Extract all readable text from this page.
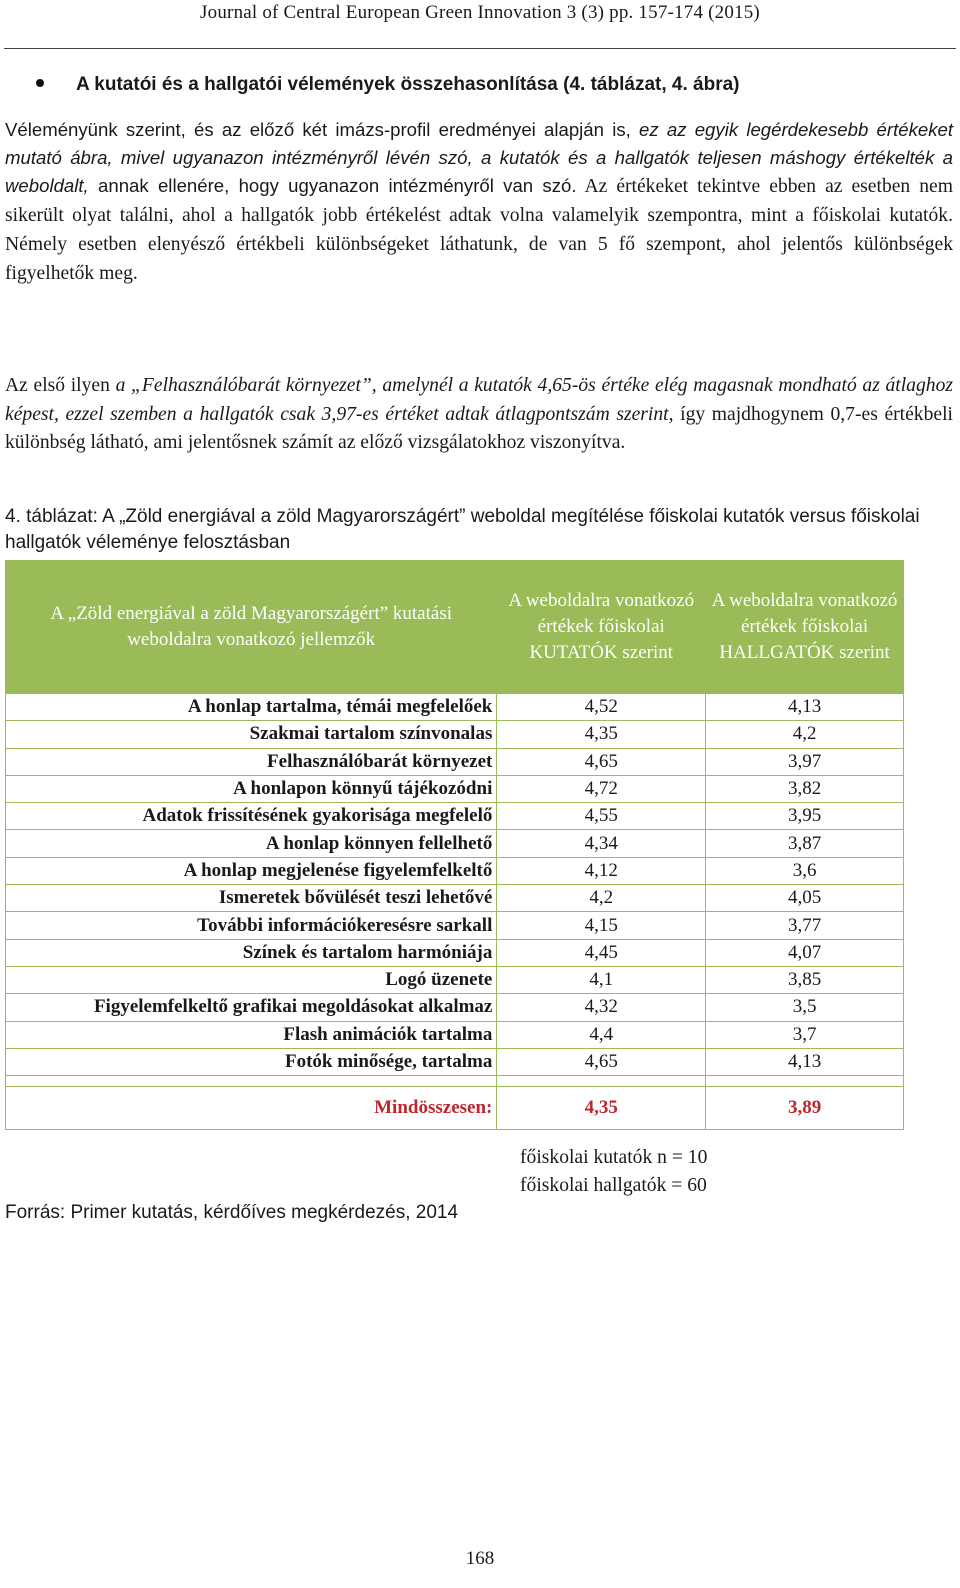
Journal of Central European Green Innovation 3 (3) pp. 157-174 (2015)
A kutatói és a hallgatói vélemények összehasonlítása (4. táblázat, 4. ábra)
Véleményünk szerint, és az előző két imázs-profil eredményei alapján is, ez az egyik legérdekesebb értékeket mutató ábra, mivel ugyanazon intézményről lévén szó, a kutatók és a hallgatók teljesen máshogy értékelték a weboldalt, annak ellenére, hogy ugyanazon intézményről van szó. Az értékeket tekintve ebben az esetben nem sikerült olyat találni, ahol a hallgatók jobb értékelést adtak volna valamelyik szempontra, mint a főiskolai kutatók. Némely esetben elenyésző értékbeli különbségeket láthatunk, de van 5 fő szempont, ahol jelentős különbségek figyelhetők meg.
Az első ilyen a „Felhasználóbarát környezet”, amelynél a kutatók 4,65-ös értéke elég magasnak mondható az átlaghoz képest, ezzel szemben a hallgatók csak 3,97-es értéket adtak átlagpontszám szerint, így majdhogynem 0,7-es értékbeli különbség látható, ami jelentősnek számít az előző vizsgálatokhoz viszonyítva.
4. táblázat: A „Zöld energiával a zöld Magyarországért” weboldal megítélése főiskolai kutatók versus főiskolai hallgatók véleménye felosztásban
A „Zöld energiával a zöld Magyarországért” kutatási weboldalra vonatkozó jellemzők	A weboldalra vonatkozó értékek főiskolai KUTATÓK szerint	A weboldalra vonatkozó értékek főiskolai HALLGATÓK szerint
A honlap tartalma, témái megfelelőek	4,52	4,13
Szakmai tartalom színvonalas	4,35	4,2
Felhasználóbarát környezet	4,65	3,97
A honlapon könnyű tájékozódni	4,72	3,82
Adatok frissítésének gyakorisága megfelelő	4,55	3,95
A honlap könnyen fellelhető	4,34	3,87
A honlap megjelenése figyelemfelkeltő	4,12	3,6
Ismeretek bővülését teszi lehetővé	4,2	4,05
További információkeresésre sarkall	4,15	3,77
Színek és tartalom harmóniája	4,45	4,07
Logó üzenete	4,1	3,85
Figyelemfelkeltő grafikai megoldásokat alkalmaz	4,32	3,5
Flash animációk tartalma	4,4	3,7
Fotók minősége, tartalma	4,65	4,13

Mindösszesen:	4,35	3,89
főiskolai kutatók n = 10
főiskolai hallgatók = 60
Forrás: Primer kutatás, kérdőíves megkérdezés, 2014
168
